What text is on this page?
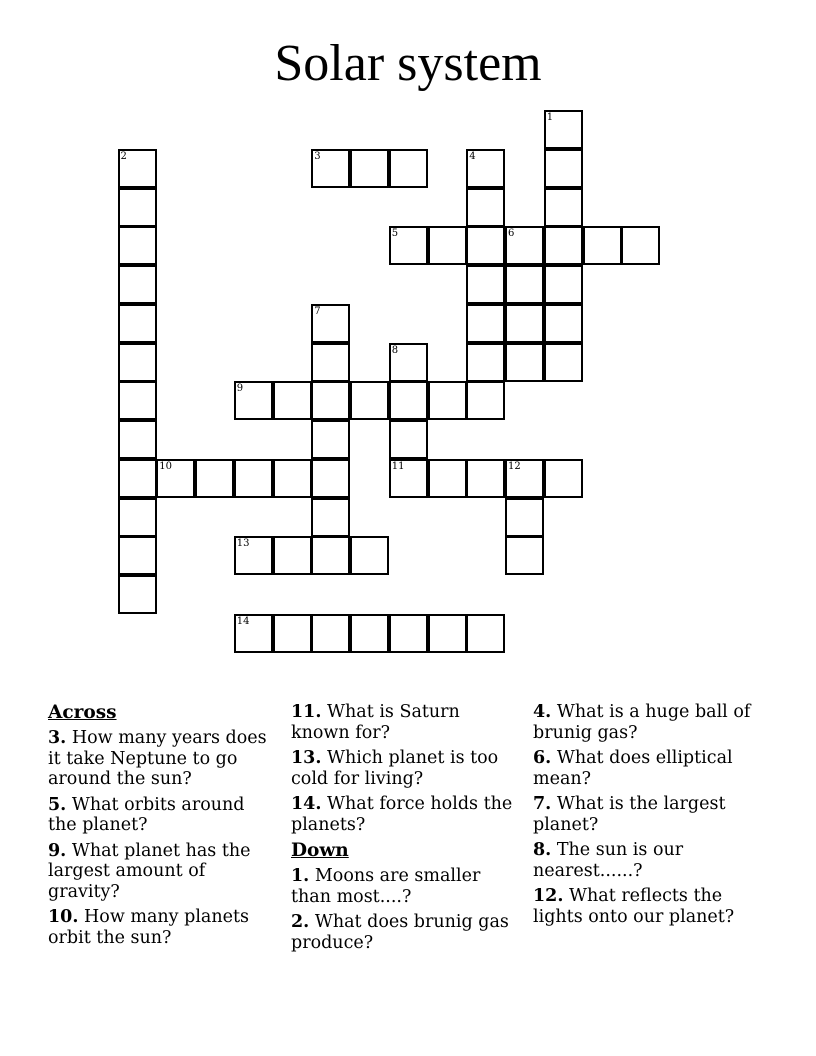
Solar system
1
2	3	4
5	6
7
8
11
9
10	12
13
14
Across
3. How many years does it take Neptune to go around the sun?
5. What orbits around the planet?
9. What planet has the largest amount of gravity?
10. How many planets orbit the sun?
11. What is Saturn known for?
13. Which planet is too cold for living?
14. What force holds the planets?
Down
1. Moons are smaller than most....?
2. What does brunig gas produce?
4. What is a huge ball of brunig gas?
6. What does elliptical mean?
7. What is the largest planet?
8. The sun is our nearest......?
12. What reflects the lights onto our planet?
